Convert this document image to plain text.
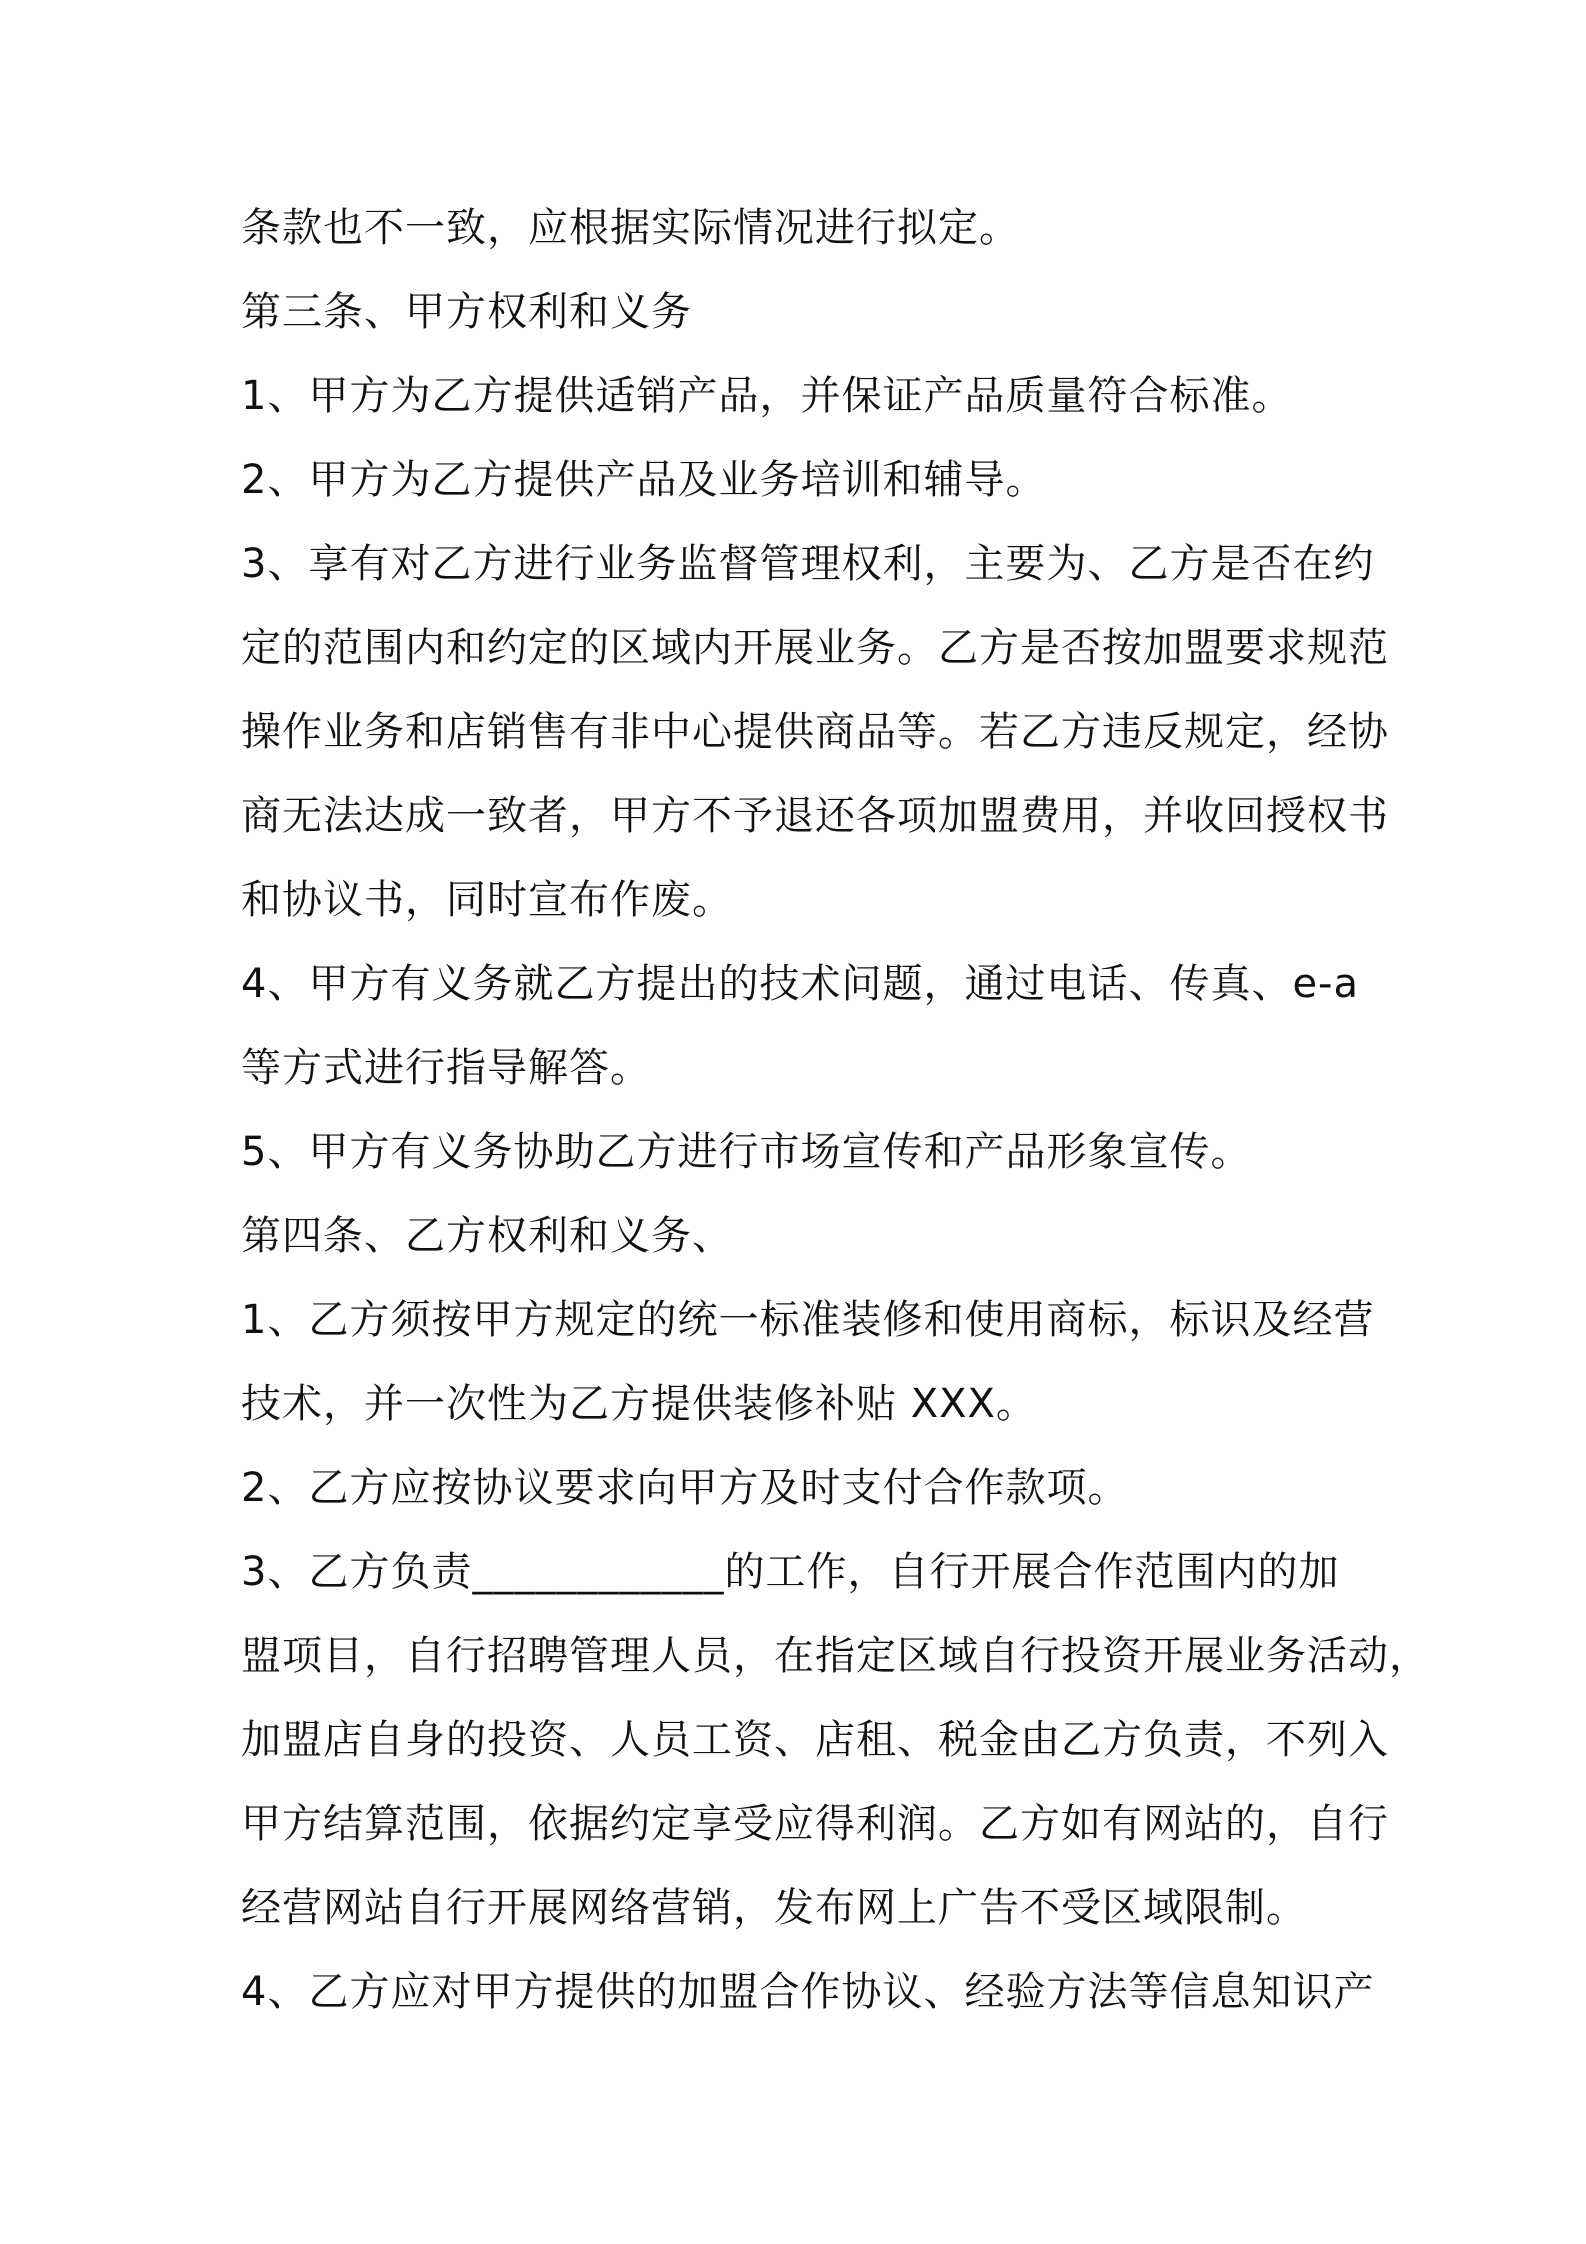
条款也不一致，应根据实际情况进行拟定。
第三条、甲方权利和义务
1、甲方为乙方提供适销产品，并保证产品质量符合标准。
2、甲方为乙方提供产品及业务培训和辅导。
3、享有对乙方进行业务监督管理权利，主要为、乙方是否在约
定的范围内和约定的区域内开展业务。乙方是否按加盟要求规范
操作业务和店销售有非中心提供商品等。若乙方违反规定，经协
商无法达成一致者，甲方不予退还各项加盟费用，并收回授权书
和协议书，同时宣布作废。
4、甲方有义务就乙方提出的技术问题，通过电话、传真、e-a
等方式进行指导解答。
5、甲方有义务协助乙方进行市场宣传和产品形象宣传。
第四条、乙方权利和义务、
1、乙方须按甲方规定的统一标准装修和使用商标，标识及经营
技术，并一次性为乙方提供装修补贴 XXX。
2、乙方应按协议要求向甲方及时支付合作款项。
3、乙方负责____________的工作，自行开展合作范围内的加
盟项目，自行招聘管理人员，在指定区域自行投资开展业务活动，
加盟店自身的投资、人员工资、店租、税金由乙方负责，不列入
甲方结算范围，依据约定享受应得利润。乙方如有网站的，自行
经营网站自行开展网络营销，发布网上广告不受区域限制。
4、乙方应对甲方提供的加盟合作协议、经验方法等信息知识产
